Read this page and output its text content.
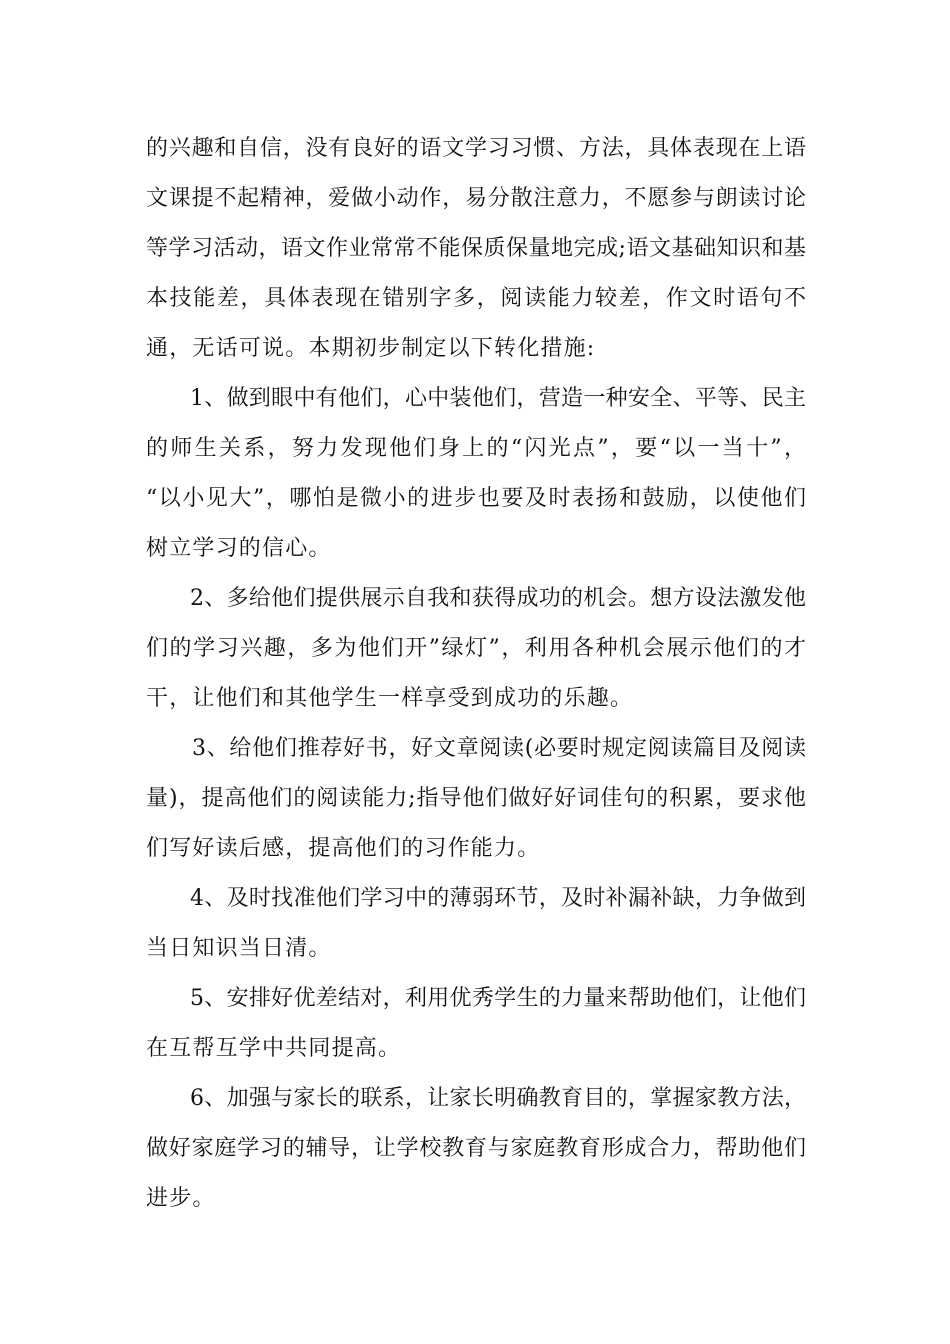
的兴趣和自信，没有良好的语文学习习惯、方法，具体表现在上语
文课提不起精神，爱做小动作，易分散注意力，不愿参与朗读讨论
等学习活动，语文作业常常不能保质保量地完成;语文基础知识和基
本技能差，具体表现在错别字多，阅读能力较差，作文时语句不
通，无话可说。本期初步制定以下转化措施:
1、做到眼中有他们，心中装他们，营造一种安全、平等、民主
的师生关系，努力发现他们身上的“闪光点”，要“以一当十”，
“以小见大”，哪怕是微小的进步也要及时表扬和鼓励，以使他们
树立学习的信心。
2、多给他们提供展示自我和获得成功的机会。想方设法激发他
们的学习兴趣，多为他们开”绿灯”，利用各种机会展示他们的才
干，让他们和其他学生一样享受到成功的乐趣。
3、给他们推荐好书，好文章阅读(必要时规定阅读篇目及阅读
量)，提高他们的阅读能力;指导他们做好好词佳句的积累，要求他
们写好读后感，提高他们的习作能力。
4、及时找准他们学习中的薄弱环节，及时补漏补缺，力争做到
当日知识当日清。
5、安排好优差结对，利用优秀学生的力量来帮助他们，让他们
在互帮互学中共同提高。
6、加强与家长的联系，让家长明确教育目的，掌握家教方法，
做好家庭学习的辅导，让学校教育与家庭教育形成合力，帮助他们
进步。
